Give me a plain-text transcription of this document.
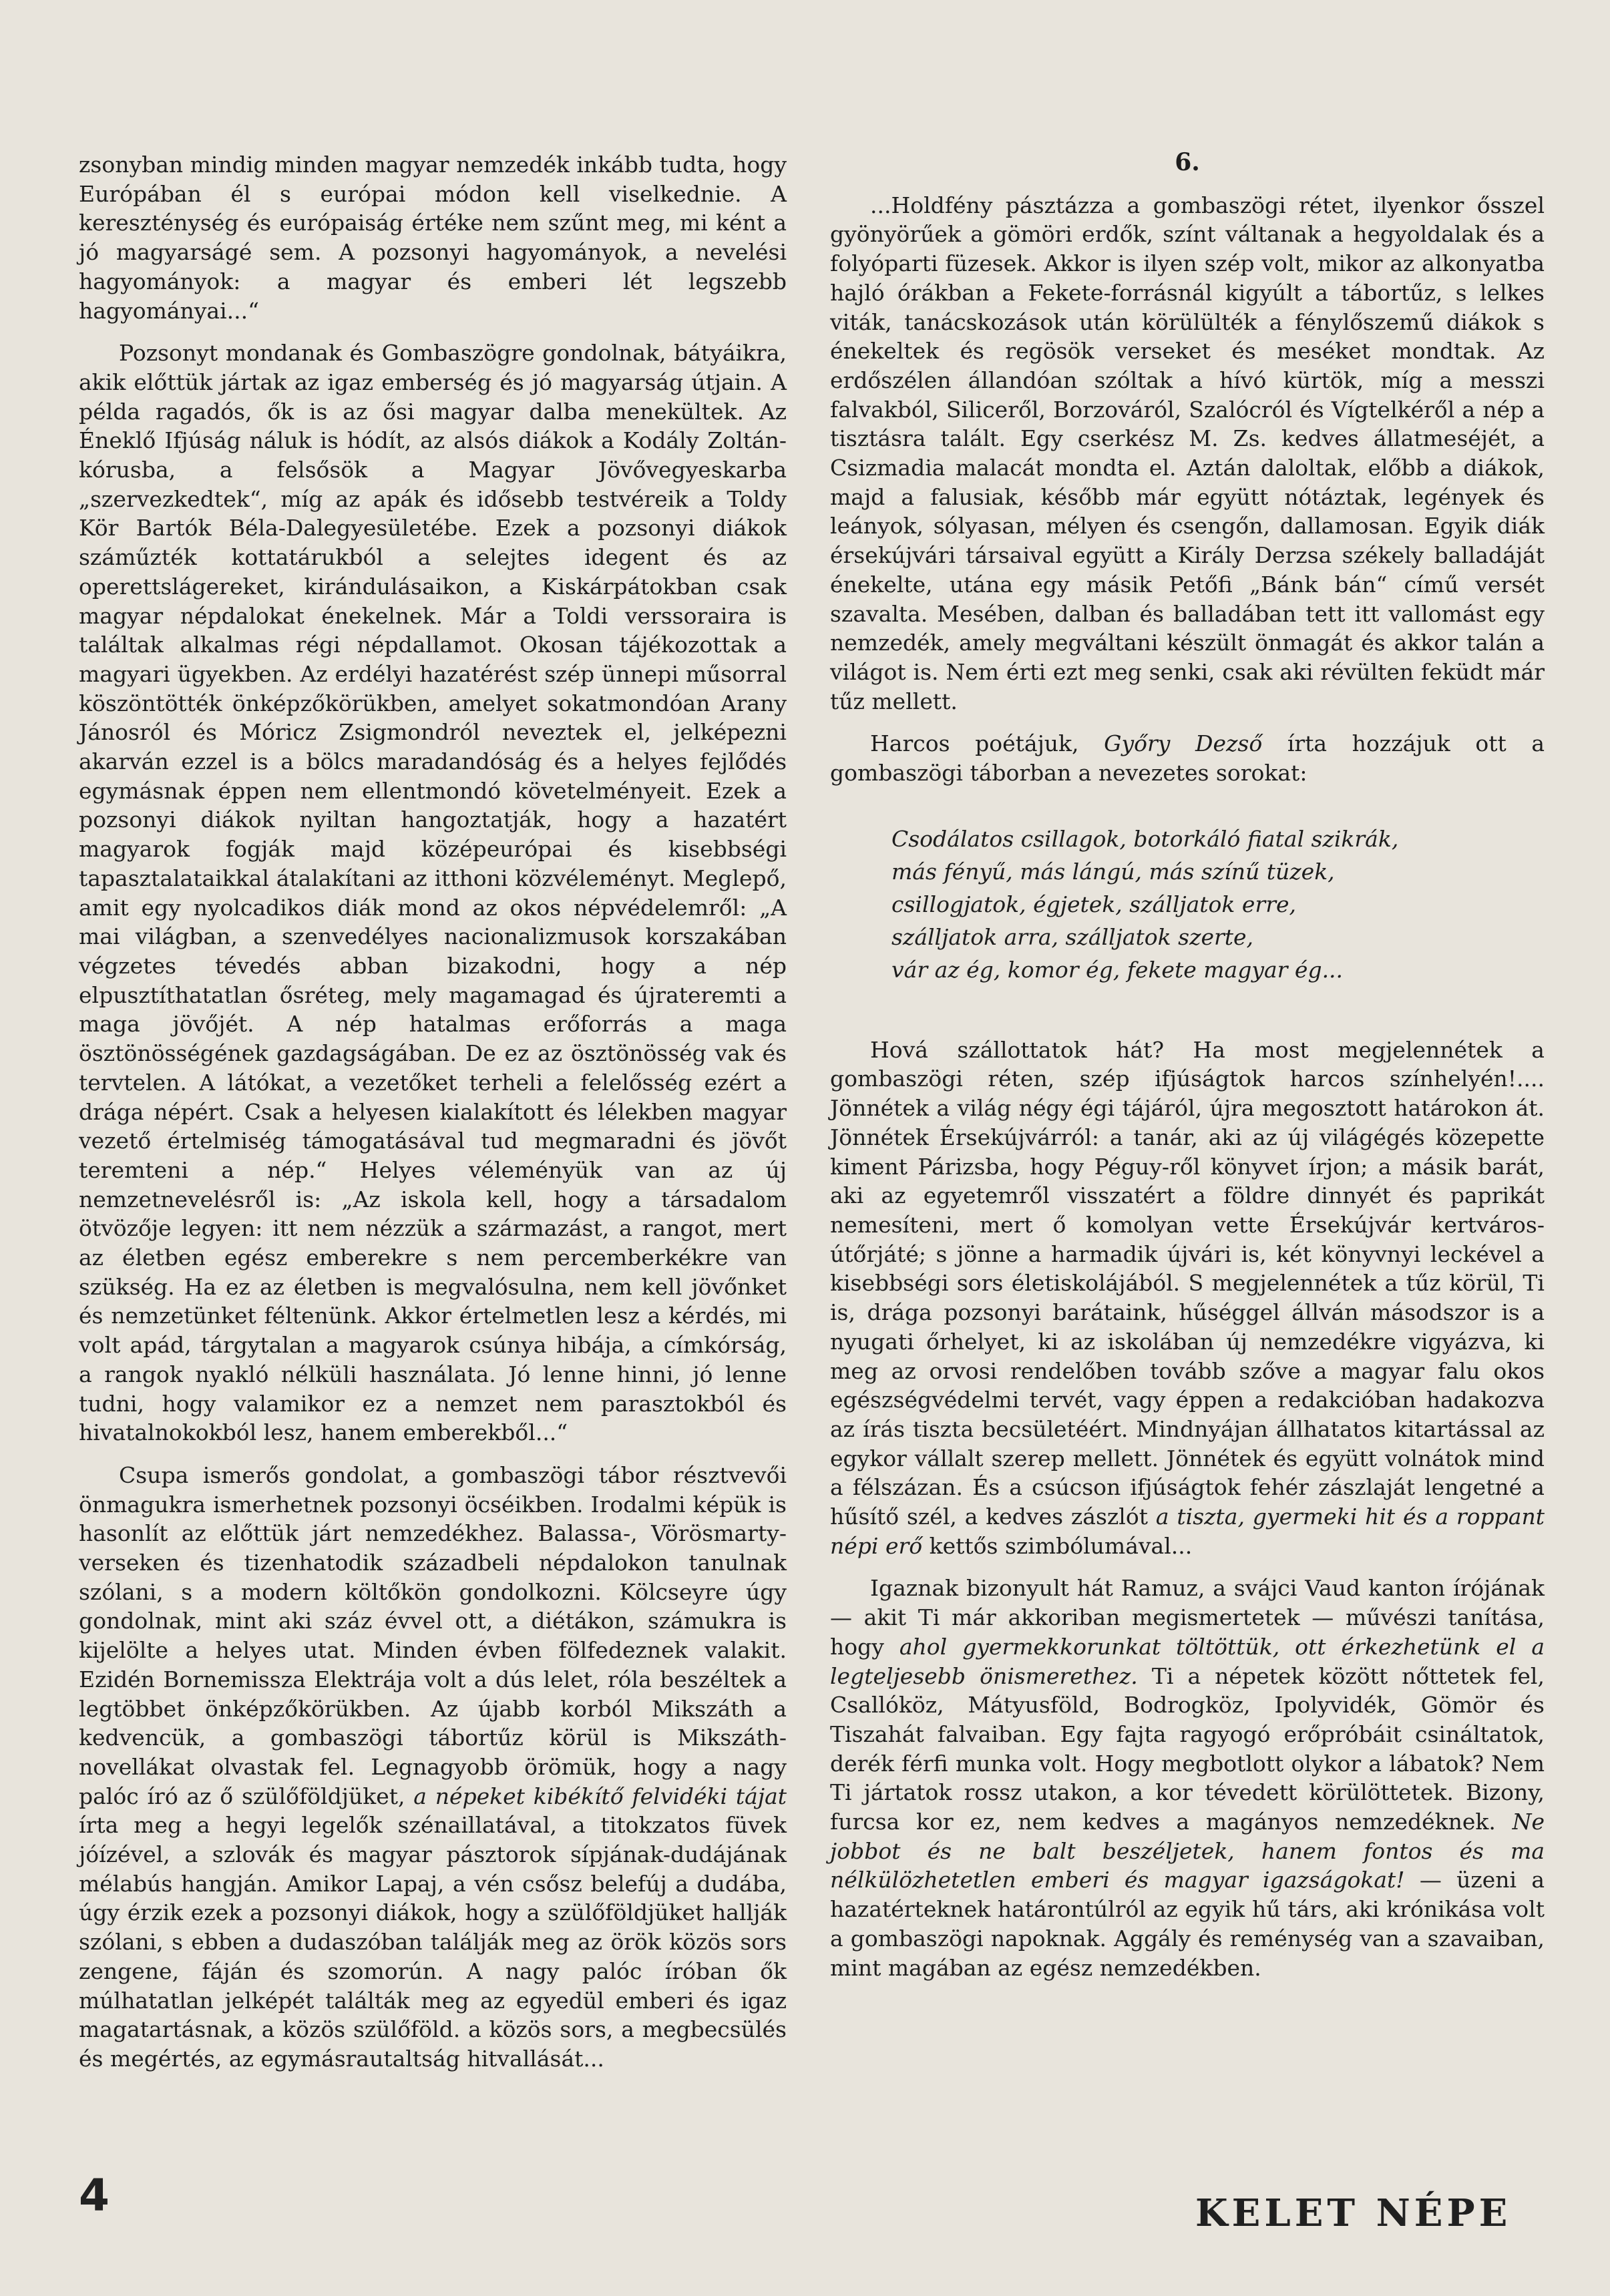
zsonyban mindig minden magyar nemzedék inkább tudta, hogy Európában él s európai módon kell viselkednie. A kereszténység és európaiság értéke nem szűnt meg, mi ként a jó magyarságé sem. A pozsonyi hagyományok, a nevelési hagyományok: a magyar és emberi lét legszebb hagyományai...“

Pozsonyt mondanak és Gombaszögre gondolnak, bátyáikra, akik előttük jártak az igaz emberség és jó magyarság útjain. A példa ragadós, ők is az ősi magyar dalba menekültek. Az Éneklő Ifjúság náluk is hódít, az alsós diákok a Kodály Zoltán-kórusba, a felsősök a Magyar Jövővegyeskarba „szervezkedtek“, míg az apák és idősebb testvéreik a Toldy Kör Bartók Béla-Dalegyesületébe. Ezek a pozsonyi diákok száműzték kottatárukból a selejtes idegent és az operettslágereket, kirándulásaikon, a Kiskárpátokban csak magyar népdalokat énekelnek. Már a Toldi verssoraira is találtak alkalmas régi népdallamot. Okosan tájékozottak a magyari ügyekben. Az erdélyi hazatérést szép ünnepi műsorral köszöntötték önképzőkörükben, amelyet sokatmondóan Arany Jánosról és Móricz Zsigmondról neveztek el, jelképezni akarván ezzel is a bölcs maradandóság és a helyes fejlődés egymásnak éppen nem ellentmondó követelményeit. Ezek a pozsonyi diákok nyiltan hangoztatják, hogy a hazatért magyarok fogják majd középeurópai és kisebbségi tapasztalataikkal átalakítani az itthoni közvéleményt. Meglepő, amit egy nyolcadikos diák mond az okos népvédelemről: „A mai világban, a szenvedélyes nacionalizmusok korszakában végzetes tévedés abban bizakodni, hogy a nép elpusztíthatatlan ősréteg, mely magamagad és újrateremti a maga jövőjét. A nép hatalmas erőforrás a maga ösztönösségének gazdagságában. De ez az ösztönösség vak és tervtelen. A látókat, a vezetőket terheli a felelősség ezért a drága népért. Csak a helyesen kialakított és lélekben magyar vezető értelmiség támogatásával tud megmaradni és jövőt teremteni a nép.“ Helyes véleményük van az új nemzetnevelésről is: „Az iskola kell, hogy a társadalom ötvözője legyen: itt nem nézzük a származást, a rangot, mert az életben egész emberekre s nem percemberkékre van szükség. Ha ez az életben is megvalósulna, nem kell jövőnket és nemzetünket féltenünk. Akkor értelmetlen lesz a kérdés, mi volt apád, tárgytalan a magyarok csúnya hibája, a címkórság, a rangok nyakló nélküli használata. Jó lenne hinni, jó lenne tudni, hogy valamikor ez a nemzet nem parasztokból és hivatalnokokból lesz, hanem emberekből...“

Csupa ismerős gondolat, a gombaszögi tábor résztvevői önmagukra ismerhetnek pozsonyi öcséikben. Irodalmi képük is hasonlít az előttük járt nemzedékhez. Balassa-, Vörösmarty-verseken és tizenhatodik századbeli népdalokon tanulnak szólani, s a modern költőkön gondolkozni. Kölcseyre úgy gondolnak, mint aki száz évvel ott, a diétákon, számukra is kijelölte a helyes utat. Minden évben fölfedeznek valakit. Ezidén Bornemissza Elektrája volt a dús lelet, róla beszéltek a legtöbbet önképzőkörükben. Az újabb korból Mikszáth a kedvencük, a gombaszögi tábortűz körül is Mikszáth-novellákat olvastak fel. Legnagyobb örömük, hogy a nagy palóc író az ő szülőföldjüket, a népeket kibékítő felvidéki tájat írta meg a hegyi legelők szénaillatával, a titokzatos füvek jóízével, a szlovák és magyar pásztorok sípjának-dudájának mélabús hangján. Amikor Lapaj, a vén csősz belefúj a dudába, úgy érzik ezek a pozsonyi diákok, hogy a szülőföldjüket hallják szólani, s ebben a dudaszóban találják meg az örök közös sors zengene, fáján és szomorún. A nagy palóc íróban ők múlhatatlan jelképét találták meg az egyedül emberi és igaz magatartásnak, a közös szülőföld. a közös sors, a megbecsülés és megértés, az egymásrautaltság hitvallását...

6.

...Holdfény pásztázza a gombaszögi rétet, ilyenkor ősszel gyönyörűek a gömöri erdők, színt váltanak a hegyoldalak és a folyóparti füzesek. Akkor is ilyen szép volt, mikor az alkonyatba hajló órákban a Fekete-forrásnál kigyúlt a tábortűz, s lelkes viták, tanácskozások után körülülték a fénylőszemű diákok s énekeltek és regösök verseket és meséket mondtak. Az erdőszélen állandóan szóltak a hívó kürtök, míg a messzi falvakból, Siliceről, Borzováról, Szalócról és Vígtelkéről a nép a tisztásra talált. Egy cserkész M. Zs. kedves állatmeséjét, a Csizmadia malacát mondta el. Aztán daloltak, előbb a diákok, majd a falusiak, később már együtt nótáztak, legények és leányok, sólyasan, mélyen és csengőn, dallamosan. Egyik diák érsekújvári társaival együtt a Király Derzsa székely balladáját énekelte, utána egy másik Petőfi „Bánk bán“ című versét szavalta. Mesében, dalban és balladában tett itt vallomást egy nemzedék, amely megváltani készült önmagát és akkor talán a világot is. Nem érti ezt meg senki, csak aki révülten feküdt már tűz mellett.

Harcos poétájuk, Győry Dezső írta hozzájuk ott a gombaszögi táborban a nevezetes sorokat:

Csodálatos csillagok, botorkáló fiatal szikrák,
más fényű, más lángú, más színű tüzek,
csillogjatok, égjetek, szálljatok erre,
szálljatok arra, szálljatok szerte,
vár az ég, komor ég, fekete magyar ég...

Hová szállottatok hát? Ha most megjelennétek a gombaszögi réten, szép ifjúságtok harcos színhelyén!.... Jönnétek a világ négy égi tájáról, újra megosztott határokon át. Jönnétek Érsekújvárról: a tanár, aki az új világégés közepette kiment Párizsba, hogy Péguy-ről könyvet írjon; a másik barát, aki az egyetemről visszatért a földre dinnyét és paprikát nemesíteni, mert ő komolyan vette Érsekújvár kertváros-útőrjáté; s jönne a harmadik újvári is, két könyvnyi leckével a kisebbségi sors életiskolájából. S megjelennétek a tűz körül, Ti is, drága pozsonyi barátaink, hűséggel állván másodszor is a nyugati őrhelyet, ki az iskolában új nemzedékre vigyázva, ki meg az orvosi rendelőben tovább szőve a magyar falu okos egészségvédelmi tervét, vagy éppen a redakcióban hadakozva az írás tiszta becsületéért. Mindnyájan állhatatos kitartással az egykor vállalt szerep mellett. Jönnétek és együtt volnátok mind a félszázan. És a csúcson ifjúságtok fehér zászlaját lengetné a hűsítő szél, a kedves zászlót a tiszta, gyermeki hit és a roppant népi erő kettős szimbólumával...

Igaznak bizonyult hát Ramuz, a svájci Vaud kanton írójának — akit Ti már akkoriban megismertetek — művészi tanítása, hogy ahol gyermekkorunkat töltöttük, ott érkezhetünk el a legteljesebb önismerethez. Ti a népetek között nőttetek fel, Csallóköz, Mátyusföld, Bodrogköz, Ipolyvidék, Gömör és Tiszahát falvaiban. Egy fajta ragyogó erőpróbáit csináltatok, derék férfi munka volt. Hogy megbotlott olykor a lábatok? Nem Ti jártatok rossz utakon, a kor tévedett körülöttetek. Bizony, furcsa kor ez, nem kedves a magányos nemzedéknek. Ne jobbot és ne balt beszéljetek, hanem fontos és ma nélkülözhetetlen emberi és magyar igazságokat! — üzeni a hazatérteknek határontúlról az egyik hű társ, aki krónikása volt a gombaszögi napoknak. Aggály és reménység van a szavaiban, mint magában az egész nemzedékben.

4	KELET NÉPE
